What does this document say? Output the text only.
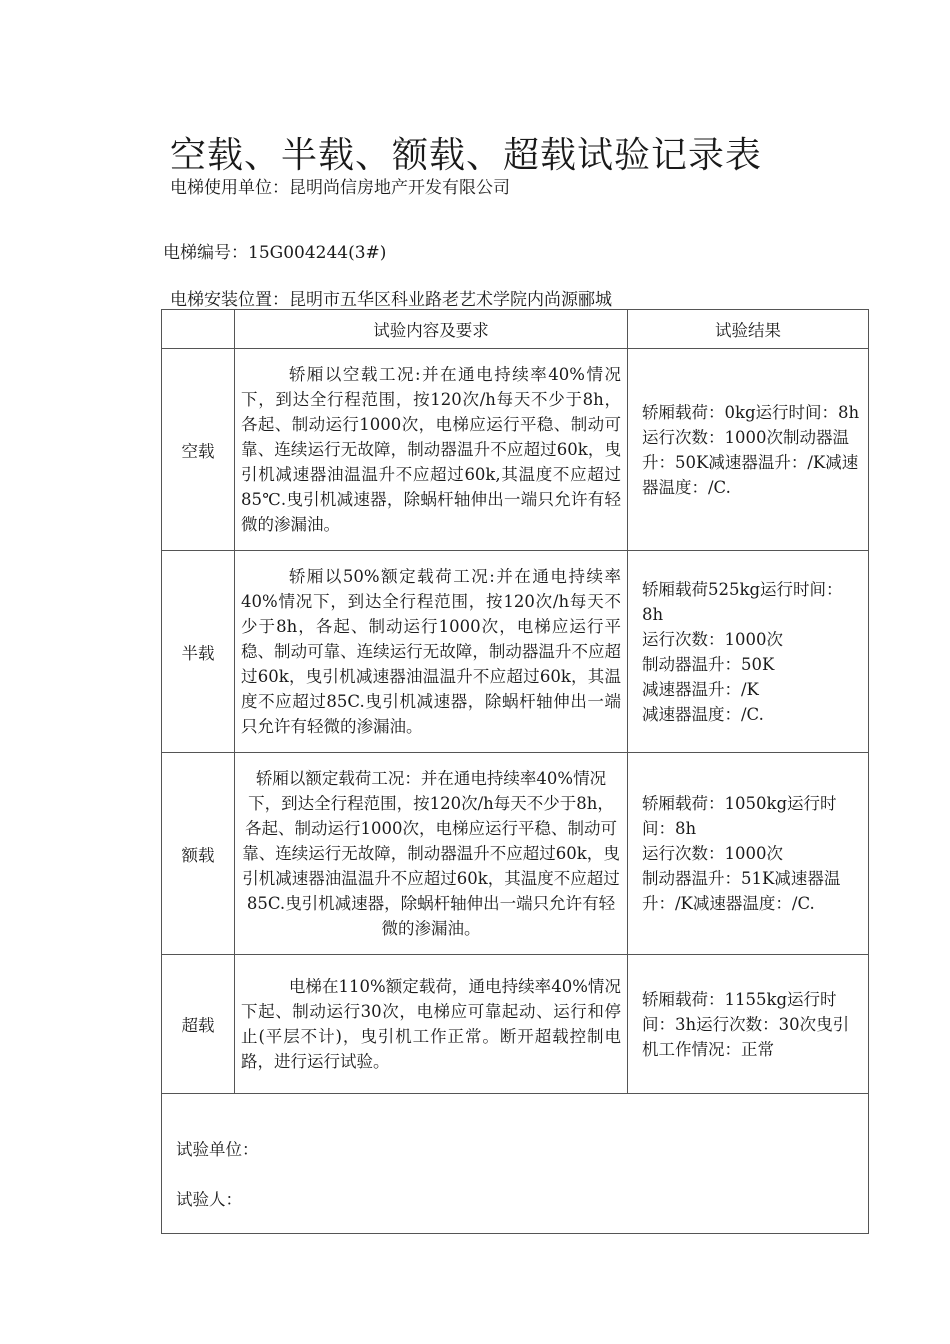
空载、半载、额载、超载试验记录表
电梯使用单位：昆明尚信房地产开发有限公司
电梯编号：15G004244(3#)
电梯安装位置：昆明市五华区科业路老艺术学院内尚源郦城
	试验内容及要求	试验结果
空载	轿厢以空载工况:并在通电持续率40%情况下，到达全行程范围，按120次/h每天不少于8h，各起、制动运行1000次，电梯应运行平稳、制动可靠、连续运行无故障，制动器温升不应超过60k，曳引机减速器油温温升不应超过60k,其温度不应超过85℃.曳引机减速器，除蜗杆轴伸出一端只允许有轻微的渗漏油。	轿厢载荷：0kg运行时间：8h运行次数：1000次制动器温升：50K减速器温升：/K减速器温度：/C.
半载	轿厢以50%额定载荷工况:并在通电持续率40%情况下，到达全行程范围，按120次/h每天不少于8h，各起、制动运行1000次，电梯应运行平稳、制动可靠、连续运行无故障，制动器温升不应超过60k，曳引机减速器油温温升不应超过60k，其温度不应超过85C.曳引机减速器，除蜗杆轴伸出一端只允许有轻微的渗漏油。	轿厢载荷525kg运行时间：8h
运行次数：1000次
制动器温升：50K
减速器温升：/K
减速器温度：/C.

额载	轿厢以额定载荷工况：并在通电持续率40%情况下，到达全行程范围，按120次/h每天不少于8h，各起、制动运行1000次，电梯应运行平稳、制动可靠、连续运行无故障，制动器温升不应超过60k，曳引机减速器油温温升不应超过60k，其温度不应超过85C.曳引机减速器，除蜗杆轴伸出一端只允许有轻微的渗漏油。	轿厢载荷：1050kg运行时间：8h
运行次数：1000次
制动器温升：51K减速器温升：/K减速器温度：/C.

超载	电梯在110%额定载荷，通电持续率40%情况下起、制动运行30次，电梯应可靠起动、运行和停止(平层不计)，曳引机工作正常。断开超载控制电路，进行运行试验。	轿厢载荷：1155kg运行时间：3h运行次数：30次曳引机工作情况：正常

试验单位：
试验人：		
